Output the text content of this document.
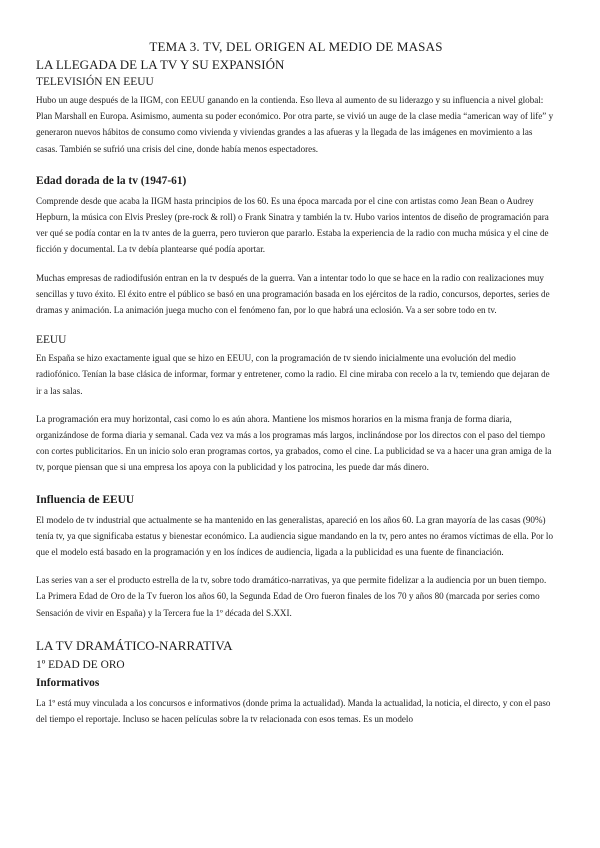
TEMA 3. TV, DEL ORIGEN AL MEDIO DE MASAS
LA LLEGADA DE LA TV Y SU EXPANSIÓN
TELEVISIÓN EN EEUU

Hubo un auge después de la IIGM, con EEUU ganando en la contienda. Eso lleva al aumento de su liderazgo y su influencia a nivel global: Plan Marshall en Europa. Asimismo, aumenta su poder económico. Por otra parte, se vivió un auge de la clase media “american way of life” y generaron nuevos hábitos de consumo como vivienda y viviendas grandes a las afueras y la llegada de las imágenes en movimiento a las casas. También se sufrió una crisis del cine, donde había menos espectadores.

Edad dorada de la tv (1947-61)

Comprende desde que acaba la IIGM hasta principios de los 60. Es una época marcada por el cine con artistas como Jean Bean o Audrey Hepburn, la música con Elvis Presley (pre-rock & roll) o Frank Sinatra y también la tv. Hubo varios intentos de diseño de programación para ver qué se podía contar en la tv antes de la guerra, pero tuvieron que pararlo. Estaba la experiencia de la radio con mucha música y el cine de ficción y documental. La tv debía plantearse qué podía aportar.

Muchas empresas de radiodifusión entran en la tv después de la guerra. Van a intentar todo lo que se hace en la radio con realizaciones muy sencillas y tuvo éxito. El éxito entre el público se basó en una programación basada en los ejércitos de la radio, concursos, deportes, series de dramas y animación. La animación juega mucho con el fenómeno fan, por lo que habrá una eclosión. Va a ser sobre todo en tv.

EEUU

En España se hizo exactamente igual que se hizo en EEUU, con la programación de tv siendo inicialmente una evolución del medio radiofónico. Tenían la base clásica de informar, formar y entretener, como la radio. El cine miraba con recelo a la tv, temiendo que dejaran de ir a las salas.

La programación era muy horizontal, casi como lo es aún ahora. Mantiene los mismos horarios en la misma franja de forma diaria, organizándose de forma diaria y semanal. Cada vez va más a los programas más largos, inclinándose por los directos con el paso del tiempo con cortes publicitarios. En un inicio solo eran programas cortos, ya grabados, como el cine. La publicidad se va a hacer una gran amiga de la tv, porque piensan que si una empresa los apoya con la publicidad y los patrocina, les puede dar más dinero.

Influencia de EEUU

El modelo de tv industrial que actualmente se ha mantenido en las generalistas, apareció en los años 60. La gran mayoría de las casas (90%) tenía tv, ya que significaba estatus y bienestar económico. La audiencia sigue mandando en la tv, pero antes no éramos víctimas de ella. Por lo que el modelo está basado en la programación y en los índices de audiencia, ligada a la publicidad es una fuente de financiación.

Las series van a ser el producto estrella de la tv, sobre todo dramático-narrativas, ya que permite fidelizar a la audiencia por un buen tiempo. La Primera Edad de Oro de la Tv fueron los años 60, la Segunda Edad de Oro fueron finales de los 70 y años 80 (marcada por series como Sensación de vivir en España) y la Tercera fue la 1º década del S.XXI.

LA TV DRAMÁTICO-NARRATIVA
1º EDAD DE ORO
Informativos

La 1º está muy vinculada a los concursos e informativos (donde prima la actualidad). Manda la actualidad, la noticia, el directo, y con el paso del tiempo el reportaje. Incluso se hacen películas sobre la tv relacionada con esos temas. Es un modelo
